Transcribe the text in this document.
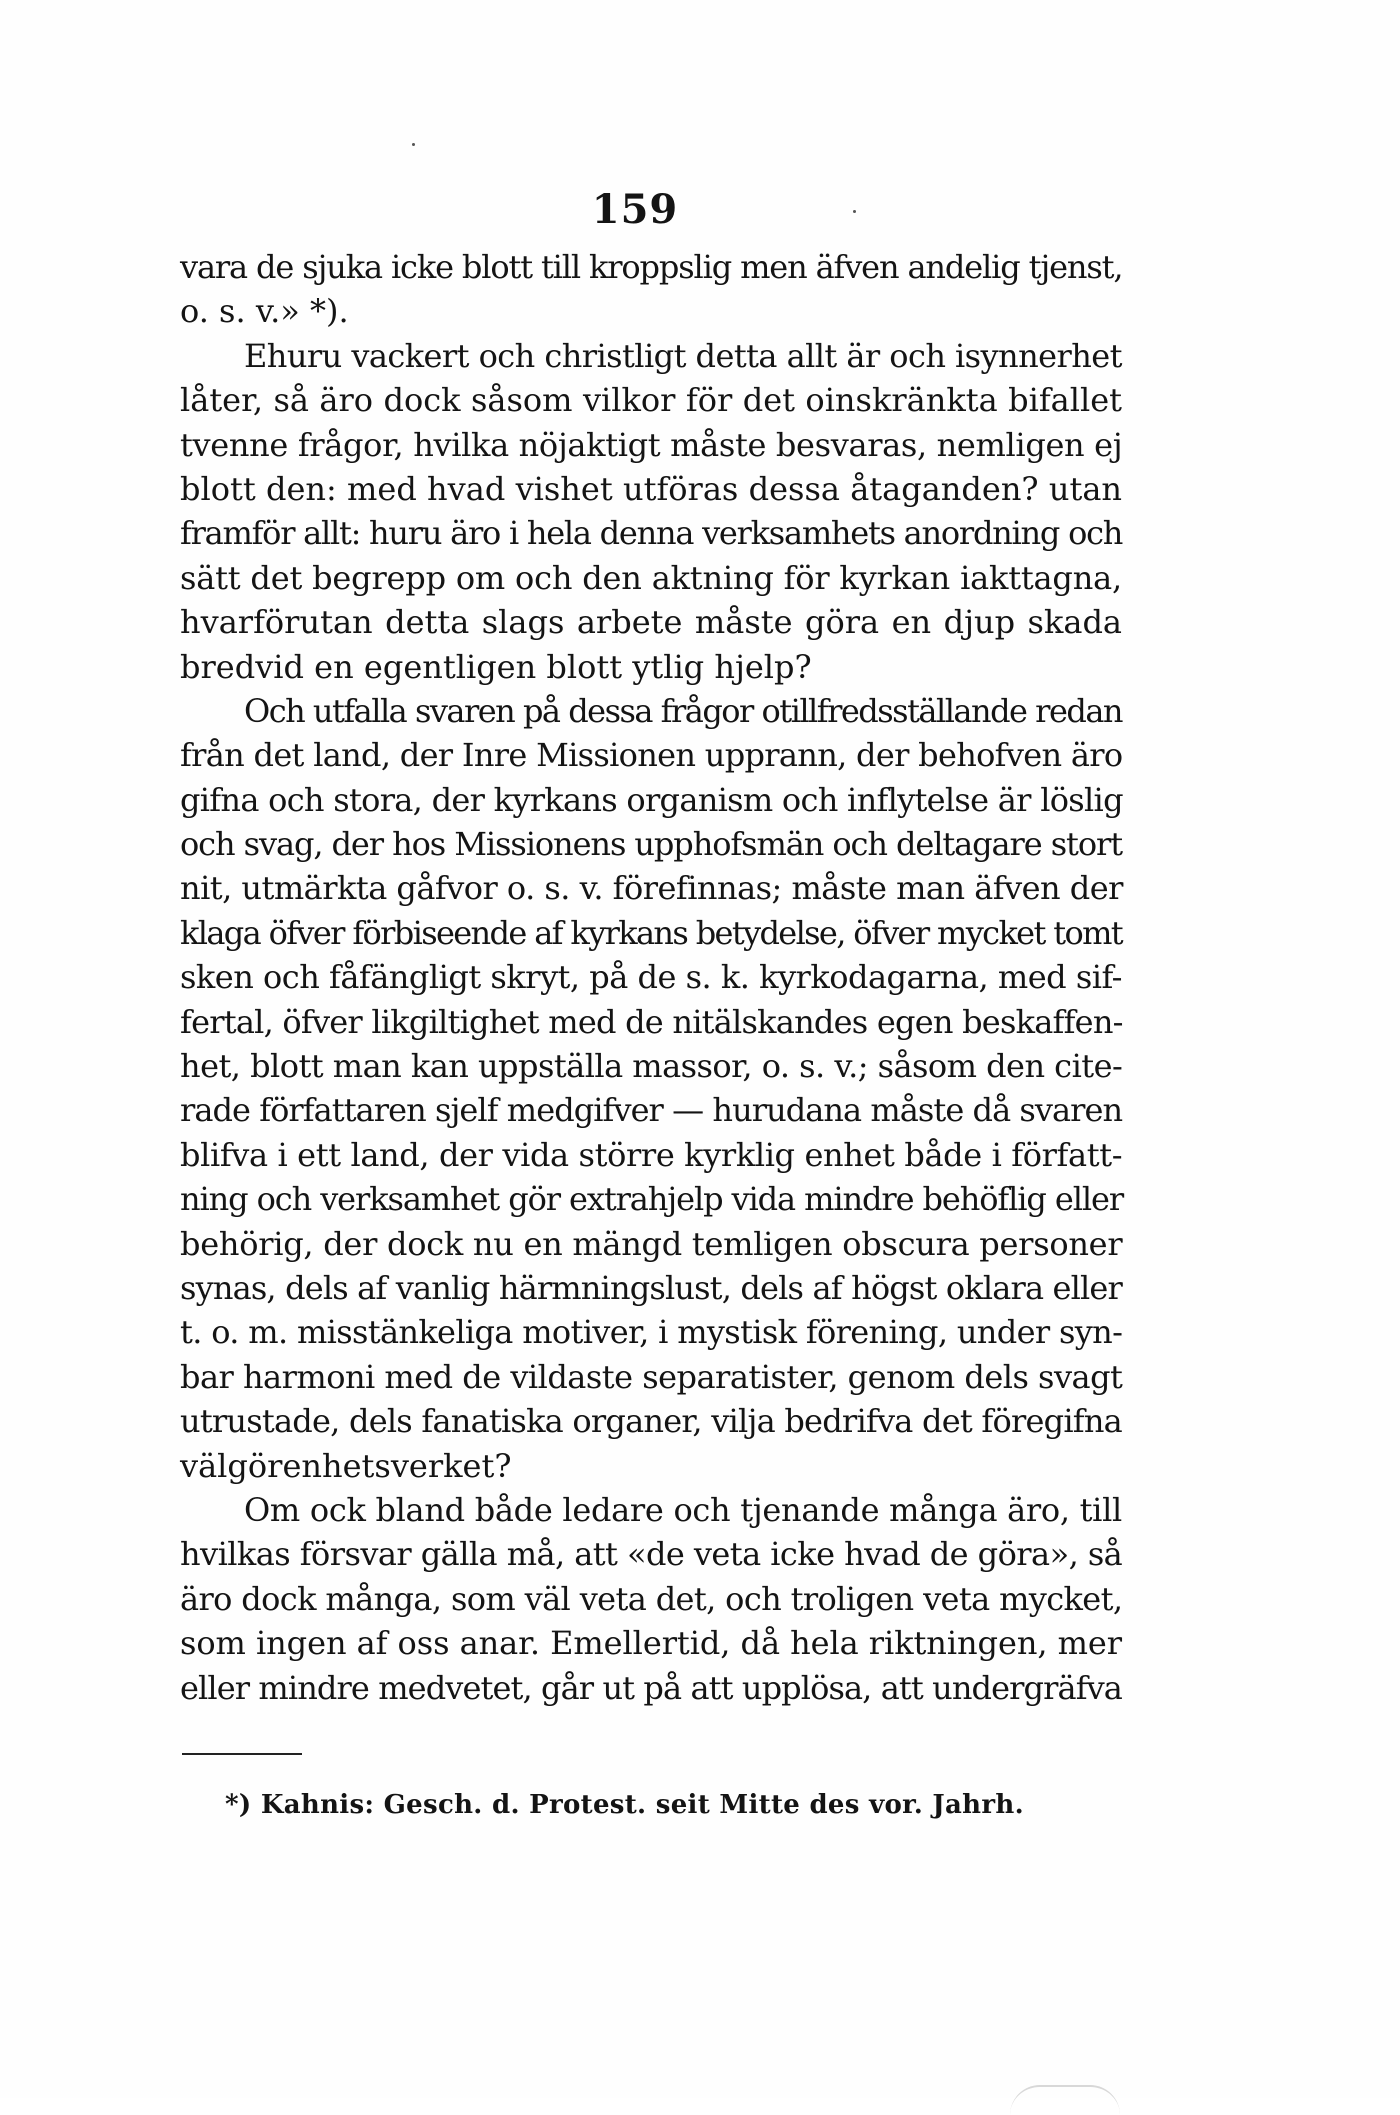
159
vara de sjuka icke blott till kroppslig men äfven andelig tjenst,
o. s. v.» *).
Ehuru vackert och christligt detta allt är och isynnerhet
låter, så äro dock såsom vilkor för det oinskränkta bifallet
tvenne frågor, hvilka nöjaktigt måste besvaras, nemligen ej
blott den: med hvad vishet utföras dessa åtaganden? utan
framför allt: huru äro i hela denna verksamhets anordning och
sätt det begrepp om och den aktning för kyrkan iakttagna,
hvarförutan detta slags arbete måste göra en djup skada
bredvid en egentligen blott ytlig hjelp?
Och utfalla svaren på dessa frågor otillfredsställande redan
från det land, der Inre Missionen upprann, der behofven äro
gifna och stora, der kyrkans organism och inflytelse är löslig
och svag, der hos Missionens upphofsmän och deltagare stort
nit, utmärkta gåfvor o. s. v. förefinnas; måste man äfven der
klaga öfver förbiseende af kyrkans betydelse, öfver mycket tomt
sken och fåfängligt skryt, på de s. k. kyrkodagarna, med sif-
fertal, öfver likgiltighet med de nitälskandes egen beskaffen-
het, blott man kan uppställa massor, o. s. v.; såsom den cite-
rade författaren sjelf medgifver — hurudana måste då svaren
blifva i ett land, der vida större kyrklig enhet både i författ-
ning och verksamhet gör extrahjelp vida mindre behöflig eller
behörig, der dock nu en mängd temligen obscura personer
synas, dels af vanlig härmningslust, dels af högst oklara eller
t. o. m. misstänkeliga motiver, i mystisk förening, under syn-
bar harmoni med de vildaste separatister, genom dels svagt
utrustade, dels fanatiska organer, vilja bedrifva det föregifna
välgörenhetsverket?
Om ock bland både ledare och tjenande många äro, till
hvilkas försvar gälla må, att «de veta icke hvad de göra», så
äro dock många, som väl veta det, och troligen veta mycket,
som ingen af oss anar. Emellertid, då hela riktningen, mer
eller mindre medvetet, går ut på att upplösa, att undergräfva
*) Kahnis: Gesch. d. Protest. seit Mitte des vor. Jahrh.
